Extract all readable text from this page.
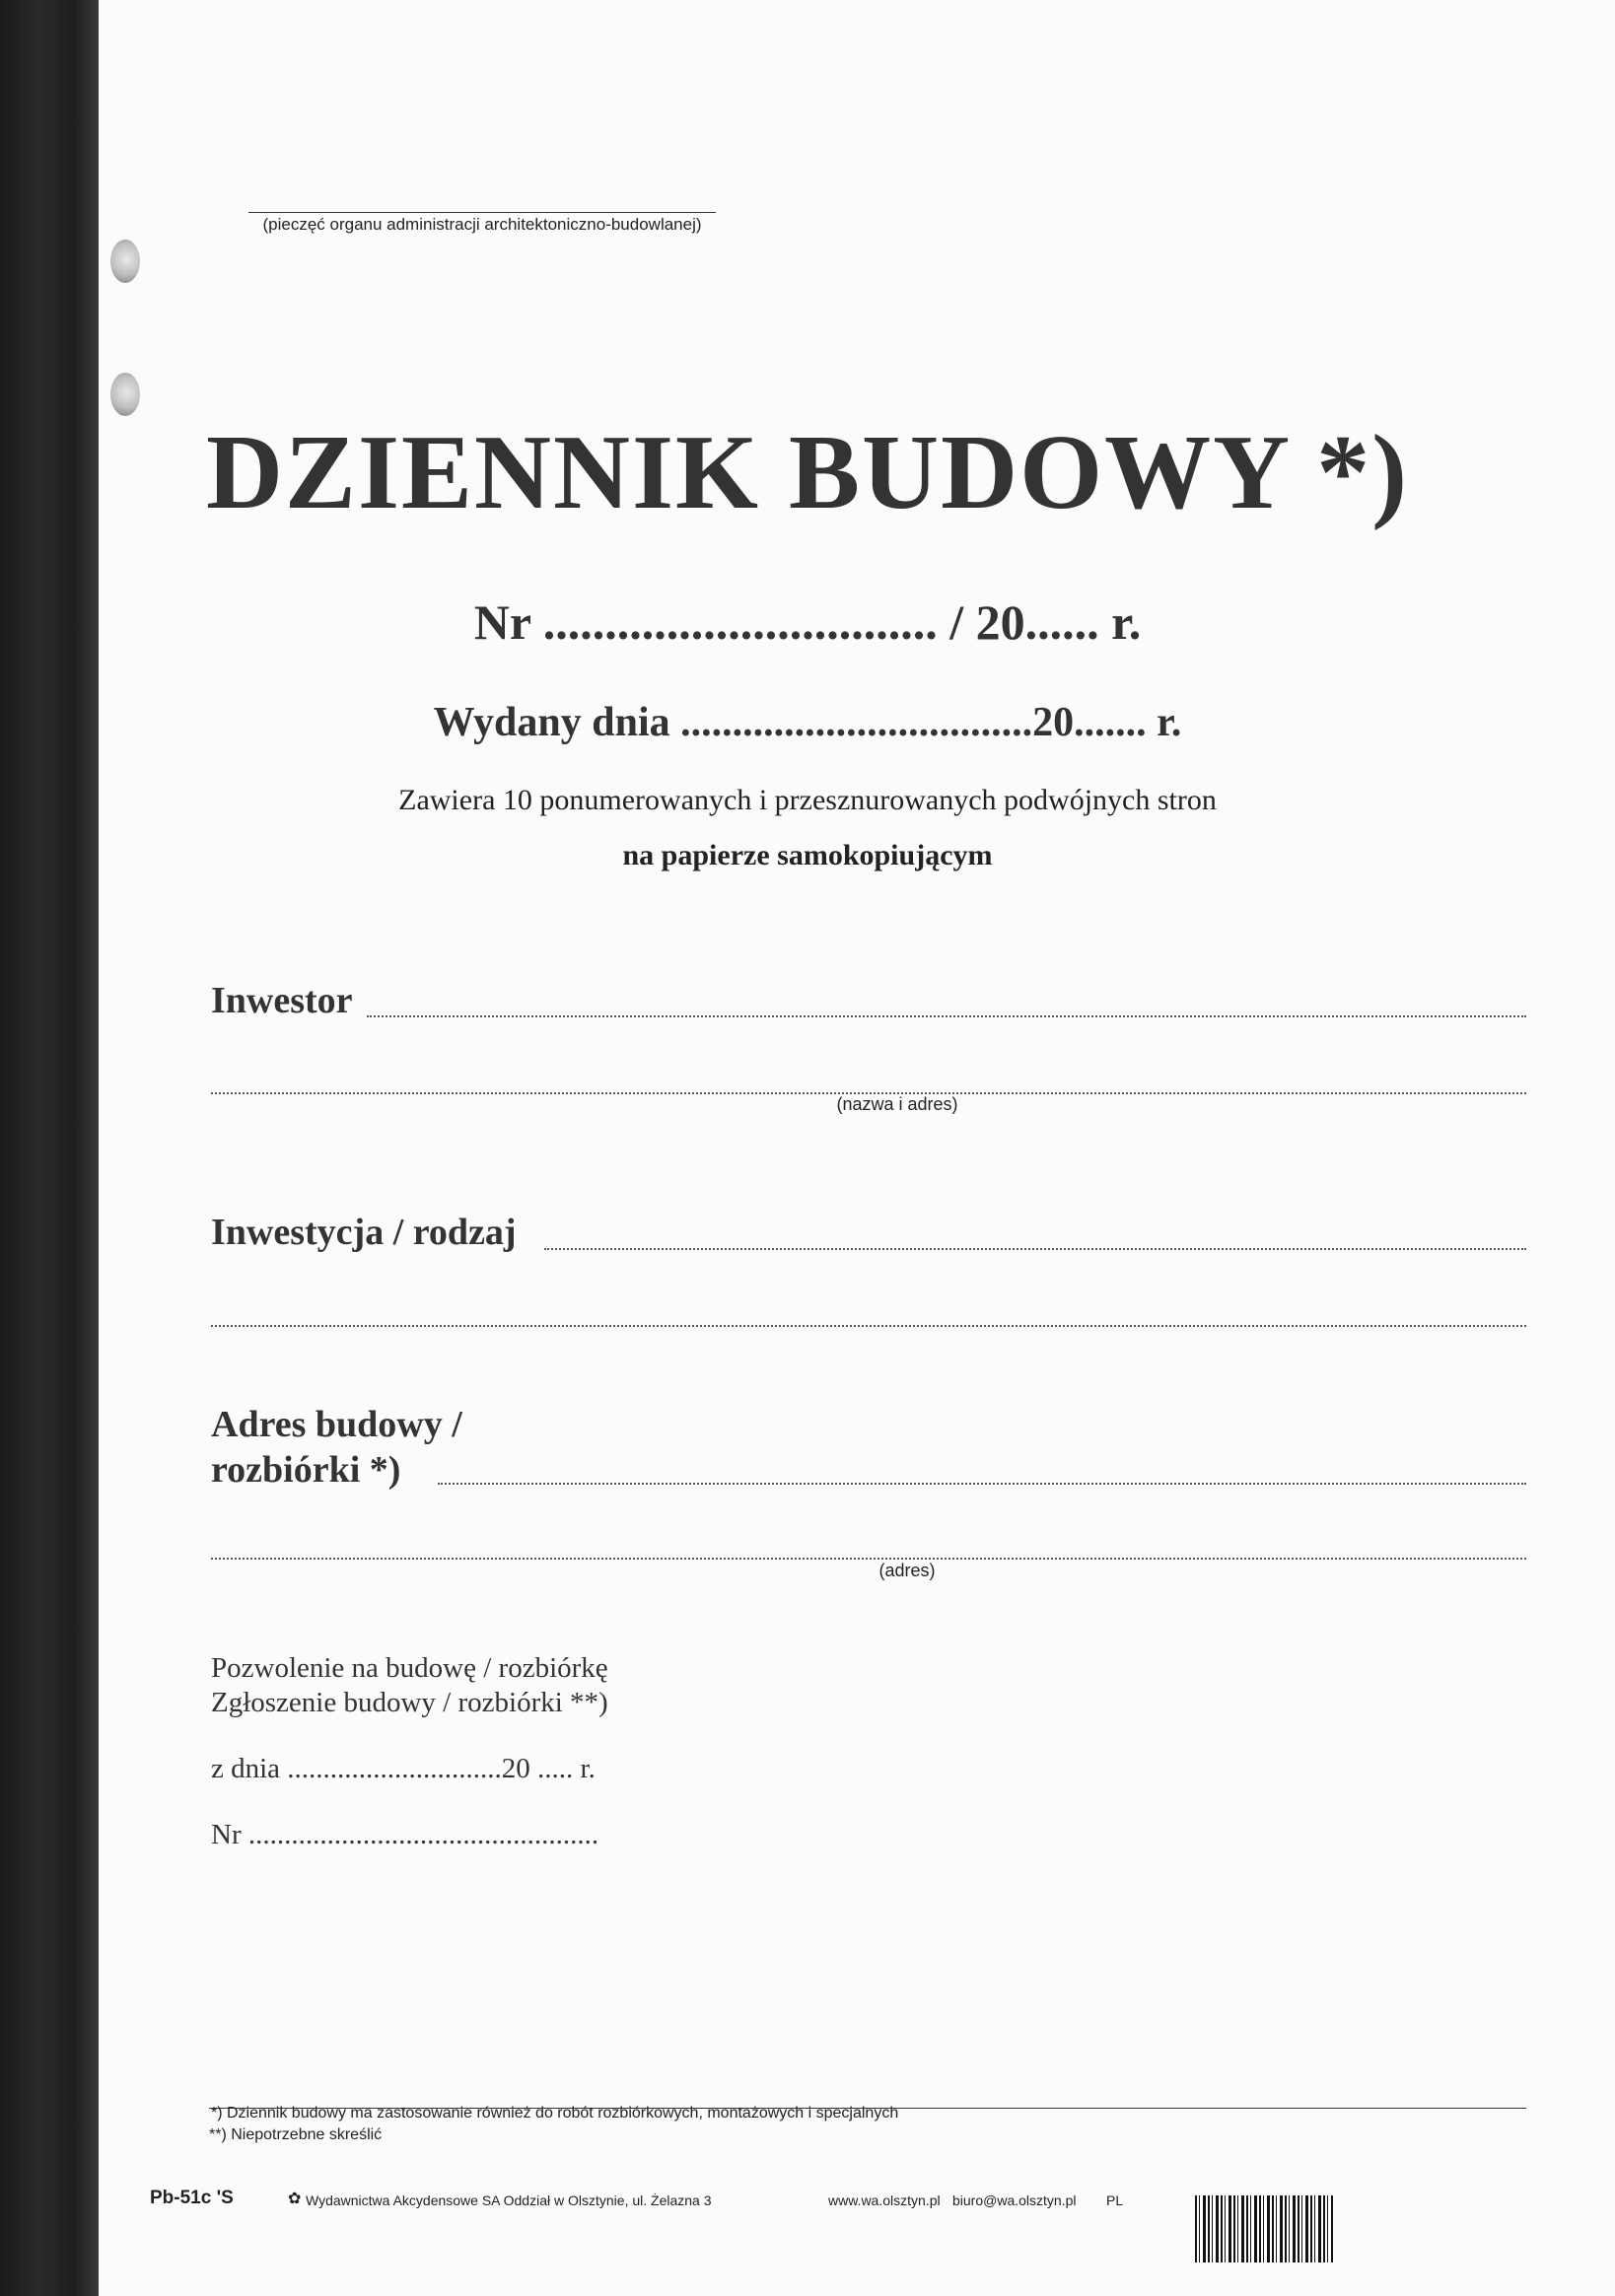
(pieczęć organu administracji architektoniczno-budowlanej)
DZIENNIK BUDOWY *)
Nr ................................ / 20...... r.
Wydany dnia ..................................20....... r.
Zawiera 10 ponumerowanych i przesznurowanych podwójnych stron
na papierze samokopiującym
Inwestor
(nazwa i adres)
Inwestycja / rodzaj
Adres budowy /
rozbiórki *)
(adres)
Pozwolenie na budowę / rozbiórkę
Zgłoszenie budowy / rozbiórki **)
z dnia ..............................20 ..... r.
Nr .................................................
*) Dziennik budowy ma zastosowanie również do robót rozbiórkowych, montażowych i specjalnych
**) Niepotrzebne skreślić
Pb-51c 'S	✿ Wydawnictwa Akcydensowe SA Oddział w Olsztynie, ul. Żelazna 3	www.wa.olsztyn.pl biuro@wa.olsztyn.pl PL
